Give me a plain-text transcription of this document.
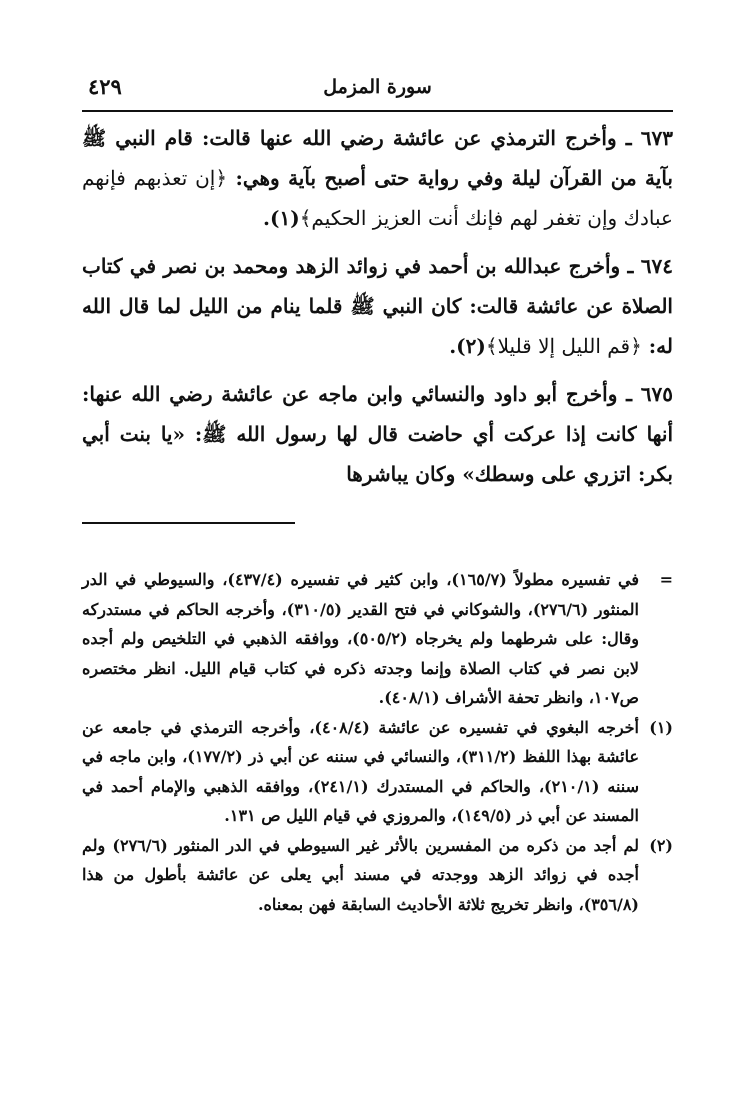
٤٢٩	سورة المزمل

٦٧٣ ـ وأخرج الترمذي عن عائشة رضي الله عنها قالت: قام النبي ﷺ بآية من القرآن ليلة وفي رواية حتى أصبح بآية وهي: ﴿إن تعذبهم فإنهم عبادك وإن تغفر لهم فإنك أنت العزيز الحكيم﴾(١).

٦٧٤ ـ وأخرج عبدالله بن أحمد في زوائد الزهد ومحمد بن نصر في كتاب الصلاة عن عائشة قالت: كان النبي ﷺ قلما ينام من الليل لما قال الله له: ﴿قم الليل إلا قليلا﴾(٢).

٦٧٥ ـ وأخرج أبو داود والنسائي وابن ماجه عن عائشة رضي الله عنها: أنها كانت إذا عركت أي حاضت قال لها رسول الله ﷺ: «يا بنت أبي بكر: اتزري على وسطك» وكان يباشرها

=
في تفسيره مطولاً (١٦٥/٧)، وابن كثير في تفسيره (٤٣٧/٤)، والسيوطي في الدر المنثور (٢٧٦/٦)، والشوكاني في فتح القدير (٣١٠/٥)، وأخرجه الحاكم في مستدركه وقال: على شرطهما ولم يخرجاه (٥٠٥/٢)، ووافقه الذهبي في التلخيص ولم أجده لابن نصر في كتاب الصلاة وإنما وجدته ذكره في كتاب قيام الليل. انظر مختصره ص١٠٧، وانظر تحفة الأشراف (٤٠٨/١).
(١)
أخرجه البغوي في تفسيره عن عائشة (٤٠٨/٤)، وأخرجه الترمذي في جامعه عن عائشة بهذا اللفظ (٣١١/٢)، والنسائي في سننه عن أبي ذر (١٧٧/٢)، وابن ماجه في سننه (٢١٠/١)، والحاكم في المستدرك (٢٤١/١)، ووافقه الذهبي والإمام أحمد في المسند عن أبي ذر (١٤٩/٥)، والمروزي في قيام الليل ص ١٣١.
(٢)
لم أجد من ذكره من المفسرين بالأثر غير السيوطي في الدر المنثور (٢٧٦/٦) ولم أجده في زوائد الزهد ووجدته في مسند أبي يعلى عن عائشة بأطول من هذا (٣٥٦/٨)، وانظر تخريج ثلاثة الأحاديث السابقة فهن بمعناه.
